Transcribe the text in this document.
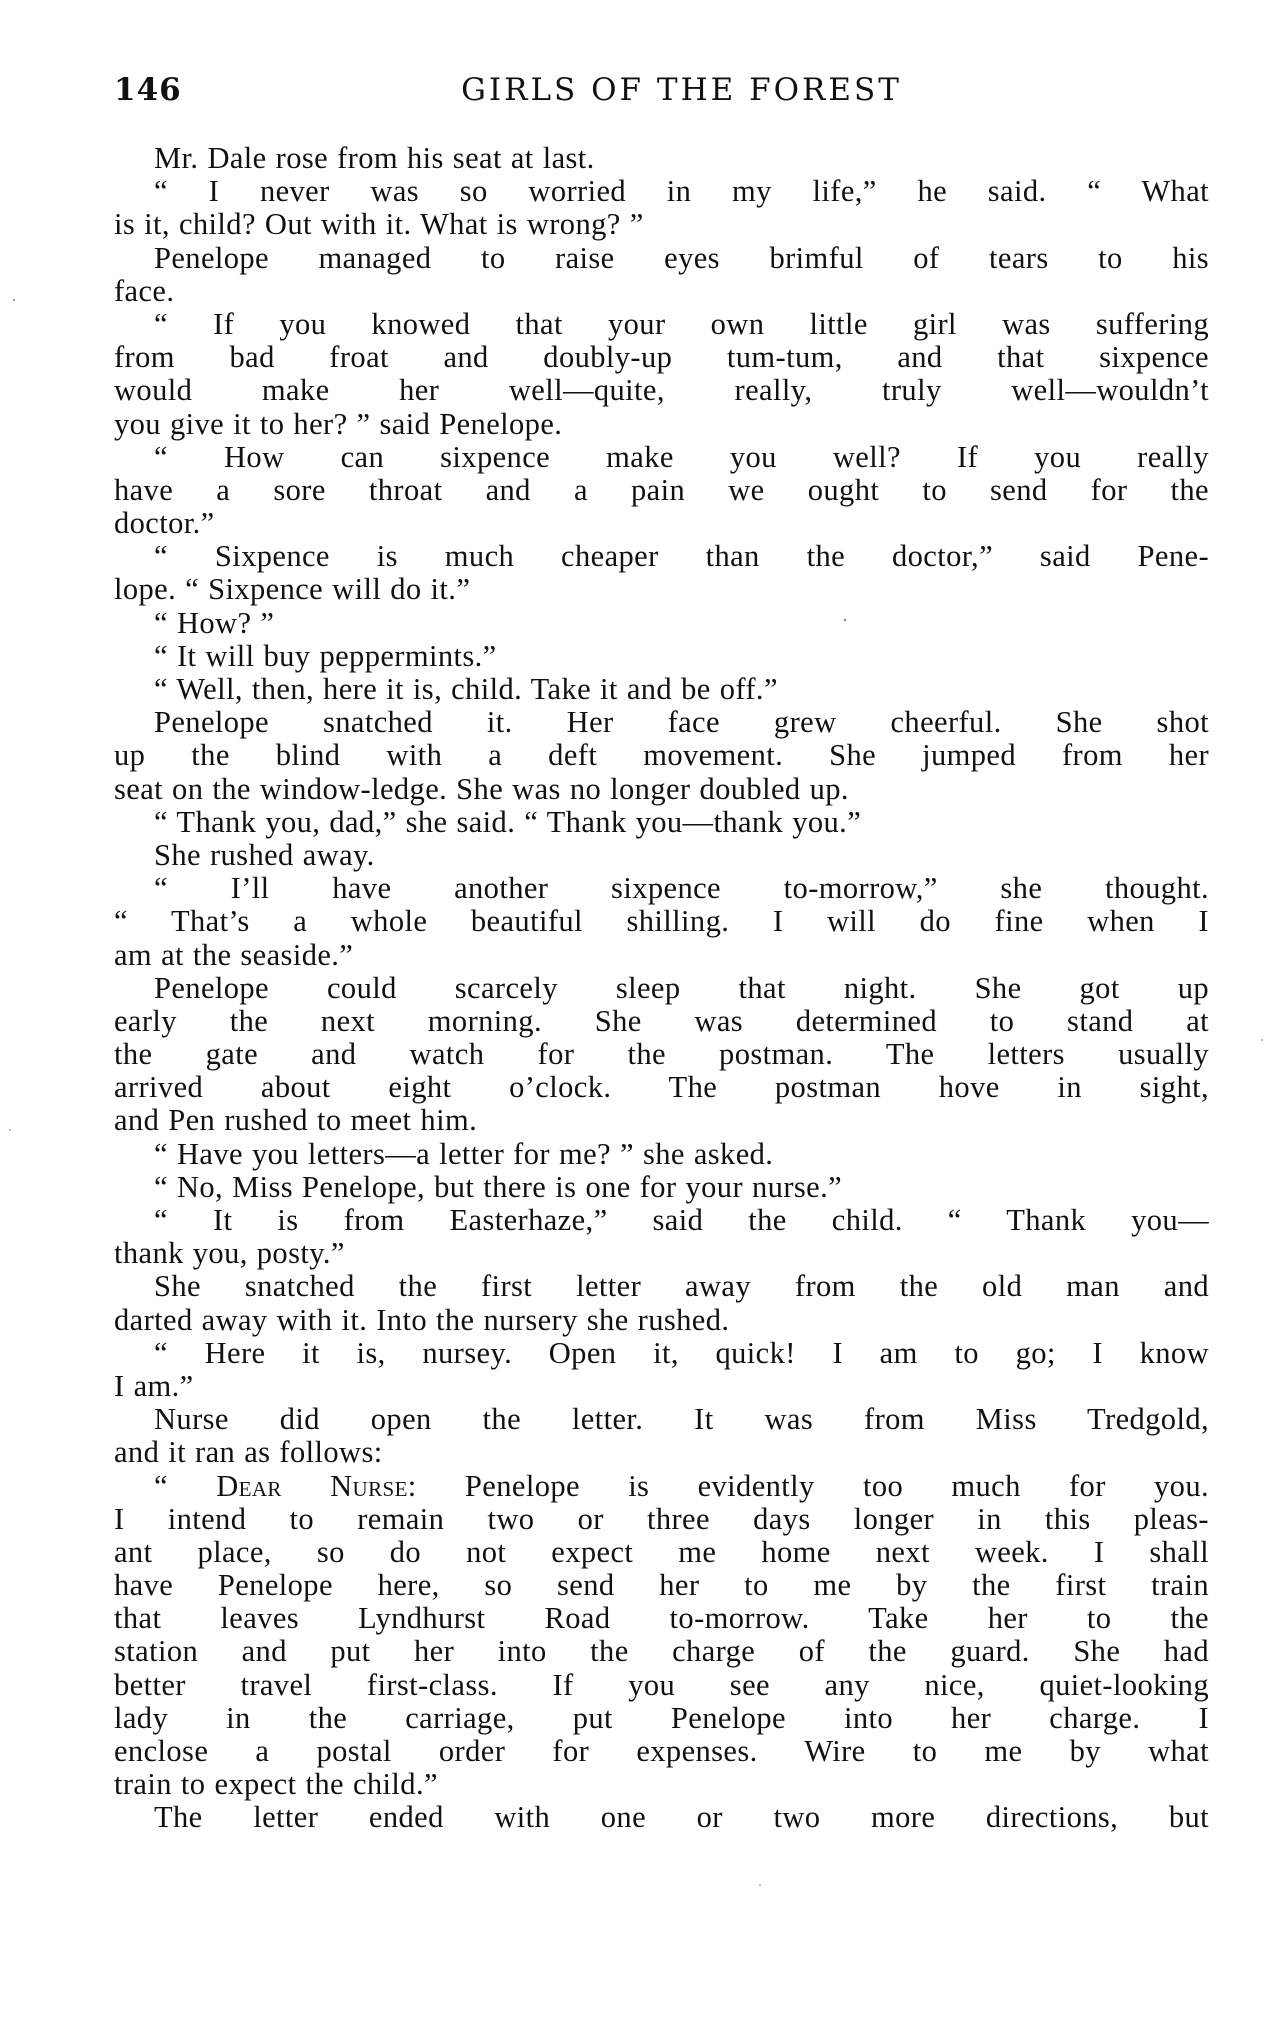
146	GIRLS OF THE FOREST
Mr. Dale rose from his seat at last.
“ I never was so worried in my life,” he said. “ What
is it, child? Out with it. What is wrong? ”
Penelope managed to raise eyes brimful of tears to his
face.
“ If you knowed that your own little girl was suffering
from bad froat and doubly-up tum-tum, and that sixpence
would make her well—quite, really, truly well—wouldn’t
you give it to her? ” said Penelope.
“ How can sixpence make you well? If you really
have a sore throat and a pain we ought to send for the
doctor.”
“ Sixpence is much cheaper than the doctor,” said Pene-
lope. “ Sixpence will do it.”
“ How? ”
“ It will buy peppermints.”
“ Well, then, here it is, child. Take it and be off.”
Penelope snatched it. Her face grew cheerful. She shot
up the blind with a deft movement. She jumped from her
seat on the window-ledge. She was no longer doubled up.
“ Thank you, dad,” she said. “ Thank you—thank you.”
She rushed away.
“ I’ll have another sixpence to-morrow,” she thought.
“ That’s a whole beautiful shilling. I will do fine when I
am at the seaside.”
Penelope could scarcely sleep that night. She got up
early the next morning. She was determined to stand at
the gate and watch for the postman. The letters usually
arrived about eight o’clock. The postman hove in sight,
and Pen rushed to meet him.
“ Have you letters—a letter for me? ” she asked.
“ No, Miss Penelope, but there is one for your nurse.”
“ It is from Easterhaze,” said the child. “ Thank you—
thank you, posty.”
She snatched the first letter away from the old man and
darted away with it. Into the nursery she rushed.
“ Here it is, nursey. Open it, quick! I am to go; I know
I am.”
Nurse did open the letter. It was from Miss Tredgold,
and it ran as follows:
“ Dear Nurse: Penelope is evidently too much for you.
I intend to remain two or three days longer in this pleas-
ant place, so do not expect me home next week. I shall
have Penelope here, so send her to me by the first train
that leaves Lyndhurst Road to-morrow. Take her to the
station and put her into the charge of the guard. She had
better travel first-class. If you see any nice, quiet-looking
lady in the carriage, put Penelope into her charge. I
enclose a postal order for expenses. Wire to me by what
train to expect the child.”
The letter ended with one or two more directions, but
